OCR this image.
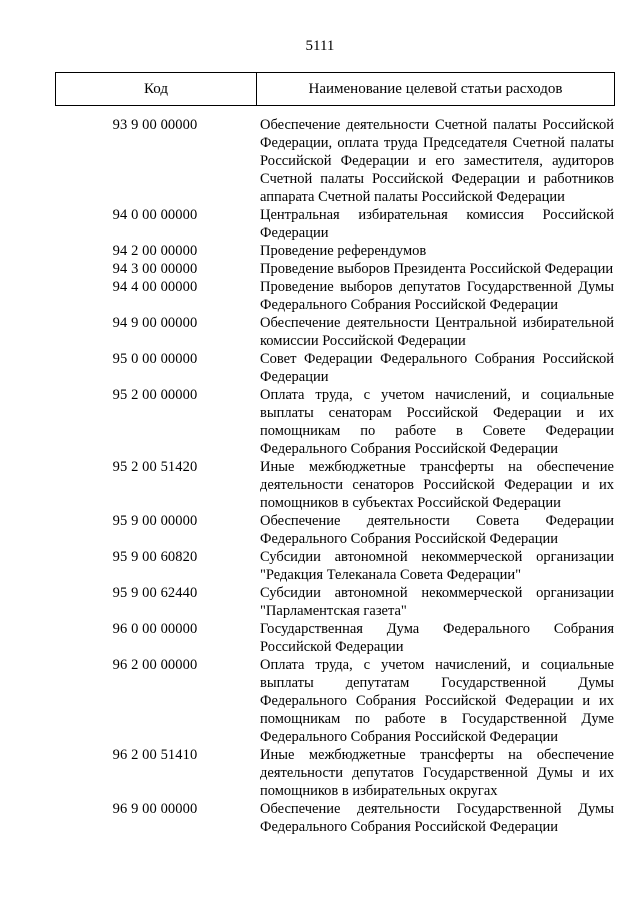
5111
Код	Наименование целевой статьи расходов
93 9 00 00000	Обеспечение деятельности Счетной палаты Российской Федерации, оплата труда Председателя Счетной палаты Российской Федерации и его заместителя, аудиторов Счетной палаты Российской Федерации и работников аппарата Счетной палаты Российской Федерации
94 0 00 00000	Центральная избирательная комиссия Российской Федерации
94 2 00 00000	Проведение референдумов
94 3 00 00000	Проведение выборов Президента Российской Федерации
94 4 00 00000	Проведение выборов депутатов Государственной Думы Федерального Собрания Российской Федерации
94 9 00 00000	Обеспечение деятельности Центральной избирательной комиссии Российской Федерации
95 0 00 00000	Совет Федерации Федерального Собрания Российской Федерации
95 2 00 00000	Оплата труда, с учетом начислений, и социальные выплаты сенаторам Российской Федерации и их помощникам по работе в Совете Федерации Федерального Собрания Российской Федерации
95 2 00 51420	Иные межбюджетные трансферты на обеспечение деятельности сенаторов Российской Федерации и их помощников в субъектах Российской Федерации
95 9 00 00000	Обеспечение деятельности Совета Федерации Федерального Собрания Российской Федерации
95 9 00 60820	Субсидии автономной некоммерческой организации "Редакция Телеканала Совета Федерации"
95 9 00 62440	Субсидии автономной некоммерческой организации "Парламентская газета"
96 0 00 00000	Государственная Дума Федерального Собрания Российской Федерации
96 2 00 00000	Оплата труда, с учетом начислений, и социальные выплаты депутатам Государственной Думы Федерального Собрания Российской Федерации и их помощникам по работе в Государственной Думе Федерального Собрания Российской Федерации
96 2 00 51410	Иные межбюджетные трансферты на обеспечение деятельности депутатов Государственной Думы и их помощников в избирательных округах
96 9 00 00000	Обеспечение деятельности Государственной Думы Федерального Собрания Российской Федерации
